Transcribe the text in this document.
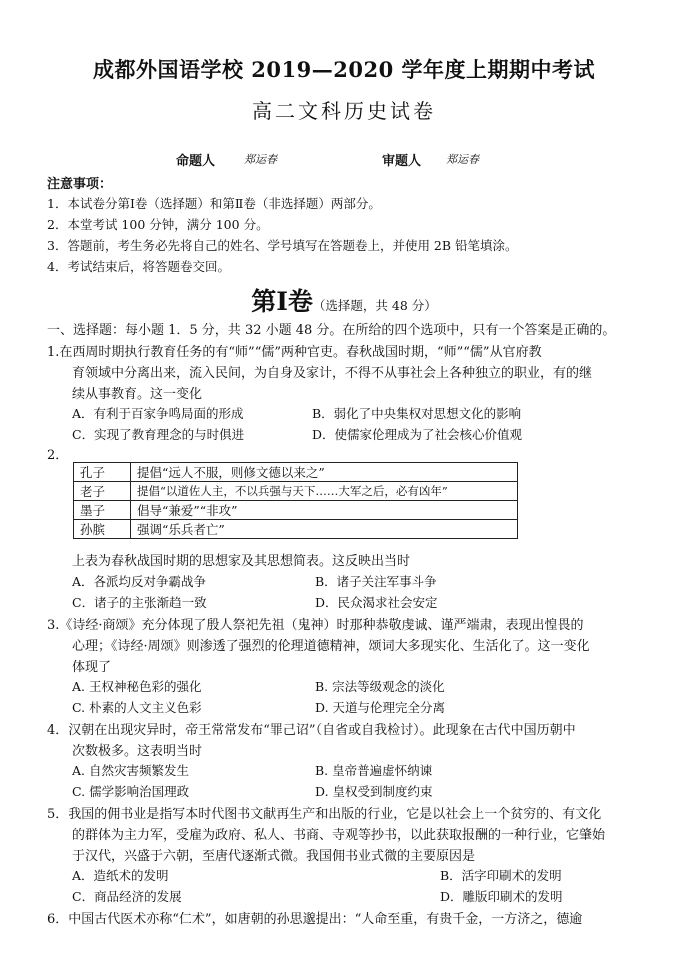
成都外国语学校 2019—2020 学年度上期期中考试
高二文科历史试卷
命题人	郑运春	审题人 郑运春
注意事项：
1．本试卷分第Ⅰ卷（选择题）和第Ⅱ卷（非选择题）两部分。
2．本堂考试 100 分钟，满分 100 分。
3．答题前，考生务必先将自己的姓名、学号填写在答题卷上，并使用 2B 铅笔填涂。
4．考试结束后，将答题卷交回。
第Ⅰ卷（选择题，共 48 分）
一、选择题：每小题 1．5 分，共 32 小题 48 分。在所给的四个选项中，只有一个答案是正确的。
1.在西周时期执行教育任务的有“师”“儒”两种官吏。春秋战国时期，“师”“儒”从官府教
育领域中分离出来，流入民间，为自身及家计，不得不从事社会上各种独立的职业，有的继
续从事教育。这一变化
A．有利于百家争鸣局面的形成	B．弱化了中央集权对思想文化的影响
C．实现了教育理念的与时俱进	D．使儒家伦理成为了社会核心价值观
2．
孔子	提倡“远人不服，则修文德以来之”
老子	提倡“以道佐人主，不以兵强与天下……大军之后，必有凶年”
墨子	倡导“兼爱”“非攻”
孙膑	强调“乐兵者亡”
上表为春秋战国时期的思想家及其思想简表。这反映出当时
A．各派均反对争霸战争	B．诸子关注军事斗争
C．诸子的主张渐趋一致	D．民众渴求社会安定
3.《诗经·商颂》充分体现了殷人祭祀先祖（鬼神）时那种恭敬虔诚、谨严端肃，表现出惶畏的
心理；《诗经·周颂》则渗透了强烈的伦理道德精神，颂词大多现实化、生活化了。这一变化
体现了
A. 王权神秘色彩的强化	B. 宗法等级观念的淡化
C. 朴素的人文主义色彩	D. 天道与伦理完全分离
4．汉朝在出现灾异时，帝王常常发布“罪己诏”（自省或自我检讨）。此现象在古代中国历朝中
次数极多。这表明当时
A. 自然灾害频繁发生	B. 皇帝普遍虚怀纳谏
C. 儒学影响治国理政	D. 皇权受到制度约束
5．我国的佣书业是指写本时代图书文献再生产和出版的行业，它是以社会上一个贫穷的、有文化
的群体为主力军，受雇为政府、私人、书商、寺观等抄书，以此获取报酬的一种行业，它肇始
于汉代，兴盛于六朝，至唐代逐渐式微。我国佣书业式微的主要原因是
A．造纸术的发明	B．活字印刷术的发明
C．商品经济的发展	D．雕版印刷术的发明
6．中国古代医术亦称“仁术”，如唐朝的孙思邈提出：“人命至重，有贵千金，一方济之，德逾
